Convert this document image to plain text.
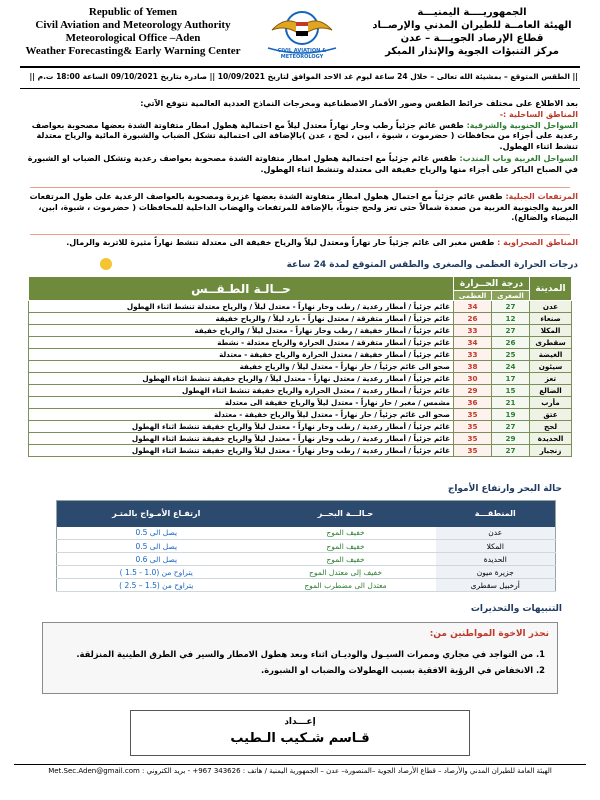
Republic of Yemen
Civil Aviation and Meteorology Authority
Meteorological Office –Aden
Weather Forecasting& Early Warning Center	CIVIL AVIATION & METEOROLOGY
الجمهوريــــة اليمنيـــة
الهيئة العامــة للطيران المدني والإرصــاد
قطاع الإرصاد الجويـــة – عدن
مركز التنبؤات الجوية والإنذار المبكر
|| الطقس المتوقع – بمشيئة الله تعالى – خلال 24 ساعة ليوم غد الاحد الموافق لتاريخ 10/09/2021 || صادرة بتاريخ 09/10/2021 الساعة 18:00 ت.م ||
بعد الاطلاع على مختلف خرائط الطقس وصور الأقمار الاصطناعية ومخرجات النماذج العددية العالمية نتوقع الآتي:
المناطق الساحلية :-
السواحل الجنوبية والشرقية: طقس غائم جزئياً رطب وحار نهاراً معتدل ليلاً مع احتمالية هطول امطار متفاوتة الشدة بعضها مصحوبة بعواصف رعدية على أجزاء من محافظات ( حضرموت ، شبوة ، ابين ، لحج ، عدن )بالإضافة الى احتمالية تشكل الضباب والشبورة المائية والرياح معتدلة تنشط اثناء الهطول.
السواحل الغربية وباب المندب: طقس غائم جزئياً مع احتمالية هطول امطار متفاوتة الشدة مصحوبة بعواصف رعدية وتشكل الضباب او الشبورة في الصباح الباكر على أجزاء منها والرياح خفيفة الى معتدلة وتنشط اثناء الهطول.
المرتفعات الجبلية: طقس غائم جزئياً مع احتمال هطول امطار متفاوتة الشدة بعضها غزيرة ومصحوبة بالعواصف الرعدية على طول المرتفعات الغربية والجنوبية الغربية من صعدة شمالاً حتى تعز ولحج جنوباً، بالإضافة للمرتفعات والهضاب الداخلية للمحافظات ( حضرموت ، شبوة، ابين، البيضاء والضالع).
المناطق الصحراوية : طقس مغبر الى غائم جزئياً حار نهاراً ومعتدل ليلاً والرياح خفيفة الى معتدلة تنشط نهاراً مثيرة للاتربة والرمال.
درجات الحرارة العظمى والصغرى والطقس المتوقع لمدة 24 ساعة
المدينة	درجة الحــرارة		حــالـة الطـقــس
	الصغرى	العظمى	
عدن	27	34	غائم جزئياً / أمطار رعدية / رطب وحار نهاراً - معتدل ليلاً / والرياح معتدلة تنشط اثناء الهطول
صنعاء	12	26	غائم جزئياً / أمطار متفرقة / معتدل نهاراً - بارد ليلاً / والرياح خفيفة
المكلا	27	33	غائم جزئياً / أمطار خفيفة / رطب وحار نهاراً - معتدل ليلاً / والرياح خفيفة
سقطرى	26	34	غائم جزئياً / أمطار متفرقة / معتدل الحرارة والرياح معتدلة - نشطة
الغيضة	25	33	غائم جزئياً / أمطار خفيفة / معتدل الحرارة والرياح خفيفة - معتدلة
سيئون	24	38	صحو الى غائم جزئياً / حار نهاراً - معتدل ليلاً / والرياح خفيفة
تعز	17	30	غائم جزئياً / أمطار رعدية / معتدل نهاراً - معتدل ليلاً / والرياح خفيفة تنشط اثناء الهطول
الضالع	15	29	غائم جزئياً / أمطار رعدية / معتدل الحرارة والرياح خفيفة تنشط اثناء الهطول
مأرب	21	36	مشمس / مغبر / حار نهاراً - معتدل ليلاً والرياح خفيفة الى معتدلة
عتق	19	35	صحو الى غائم جزئياً / حار نهاراً - معتدل ليلاً والرياح خفيفة - معتدلة
لحج	27	35	غائم جزئياً / أمطار رعدية / رطب وحار نهاراً - معتدل ليلاً والرياح خفيفة تنشط اثناء الهطول
الحديدة	29	35	غائم جزئياً / أمطار رعدية / رطب وحار نهاراً - معتدل ليلاً والرياح خفيفة تنشط اثناء الهطول
زنجبار	27	35	غائم جزئياً / أمطار رعدية / رطب وحار نهاراً - معتدل ليلاً والرياح خفيفة تنشط اثناء الهطول
حالة البحر وارتفاع الأمواج
المنطقـــة	حـالـــة البحــر	ارتفـاع الأمـواج بالمتـر
عدن	خفيف الموج	يصل الى 0.5
المكلا	خفيف الموج	يصل الى 0.5
الحديدة	خفيف الموج	يصل الى 0.6
جزيرة ميون	خفيف إلى معتدل الموج	يتراوح من (1.0 - 1.5 )
أرخبيل سقطرى	معتدل الى مضطرب الموج	يتراوح من (1.5 – 2.5 )
التنبيهات والتحذيرات
نحذر الاخوة المواطنين من:
1. من التواجد في مجاري وممرات السيـول والوديـان اثناء وبعد هطول الامطار والسير في الطرق الطينية المنزلقة.
2. الانخفاض في الرؤية الافقية بسبب الهطولات والضباب او الشبورة.
إعـــداد
قـاسم شـكيب الـطيب
الهيئة العامة للطيران المدني والأرصاد – قطاع الأرصاد الجوية –المنصورة– عدن – الجمهورية اليمنية / هاتف : 343626 967+ - بريد الكتروني : Met.Sec.Aden@gmail.com
